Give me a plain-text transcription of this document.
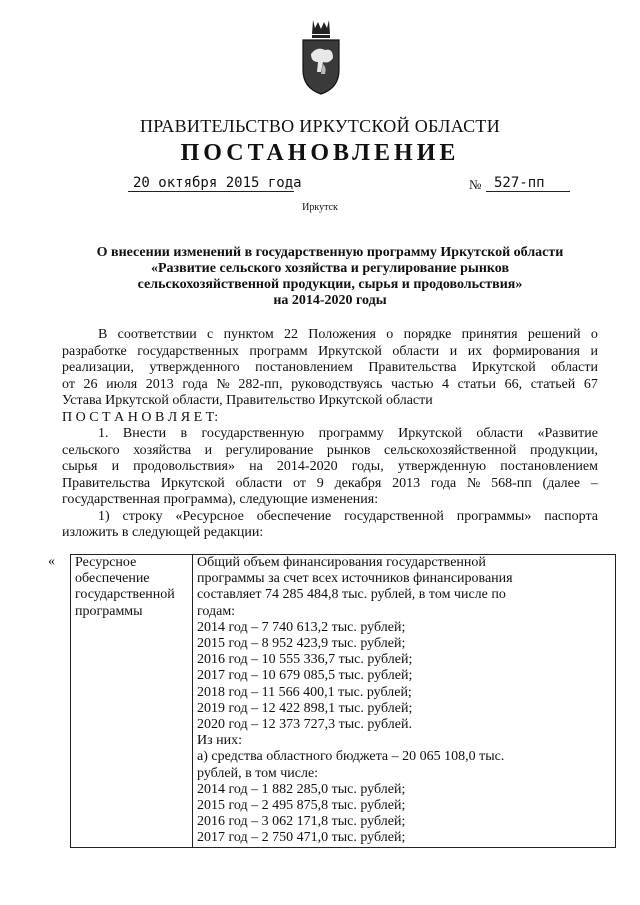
ПРАВИТЕЛЬСТВО ИРКУТСКОЙ ОБЛАСТИ
ПОСТАНОВЛЕНИЕ
20 октября 2015 года	№ 527-пп
Иркутск
О внесении изменений в государственную программу Иркутской области
«Развитие сельского хозяйства и регулирование рынков
сельскохозяйственной продукции, сырья и продовольствия»
на 2014-2020 годы
В соответствии с пунктом 22 Положения о порядке принятия решений о
разработке государственных программ Иркутской области и их формирования и
реализации, утвержденного постановлением Правительства Иркутской области
от 26 июля 2013 года № 282-пп, руководствуясь частью 4 статьи 66, статьей 67
Устава Иркутской области, Правительство Иркутской области
П О С Т А Н О В Л Я Е Т:
1. Внести в государственную программу Иркутской области «Развитие
сельского хозяйства и регулирование рынков сельскохозяйственной продукции,
сырья и продовольствия» на 2014-2020 годы, утвержденную постановлением
Правительства Иркутской области от 9 декабря 2013 года № 568-пп (далее –
государственная программа), следующие изменения:
1) строку «Ресурсное обеспечение государственной программы» паспорта
изложить в следующей редакции:
« Ресурсное
обеспечение
государственной
программы

Общий объем финансирования государственной
программы за счет всех источников финансирования
составляет 74 285 484,8 тыс. рублей, в том числе по
годам:
2014 год – 7 740 613,2 тыс. рублей;
2015 год – 8 952 423,9 тыс. рублей;
2016 год – 10 555 336,7 тыс. рублей;
2017 год – 10 679 085,5 тыс. рублей;
2018 год – 11 566 400,1 тыс. рублей;
2019 год – 12 422 898,1 тыс. рублей;
2020 год – 12 373 727,3 тыс. рублей.
Из них:
а) средства областного бюджета – 20 065 108,0 тыс.
рублей, в том числе:
2014 год – 1 882 285,0 тыс. рублей;
2015 год – 2 495 875,8 тыс. рублей;
2016 год – 3 062 171,8 тыс. рублей;
2017 год – 2 750 471,0 тыс. рублей;
